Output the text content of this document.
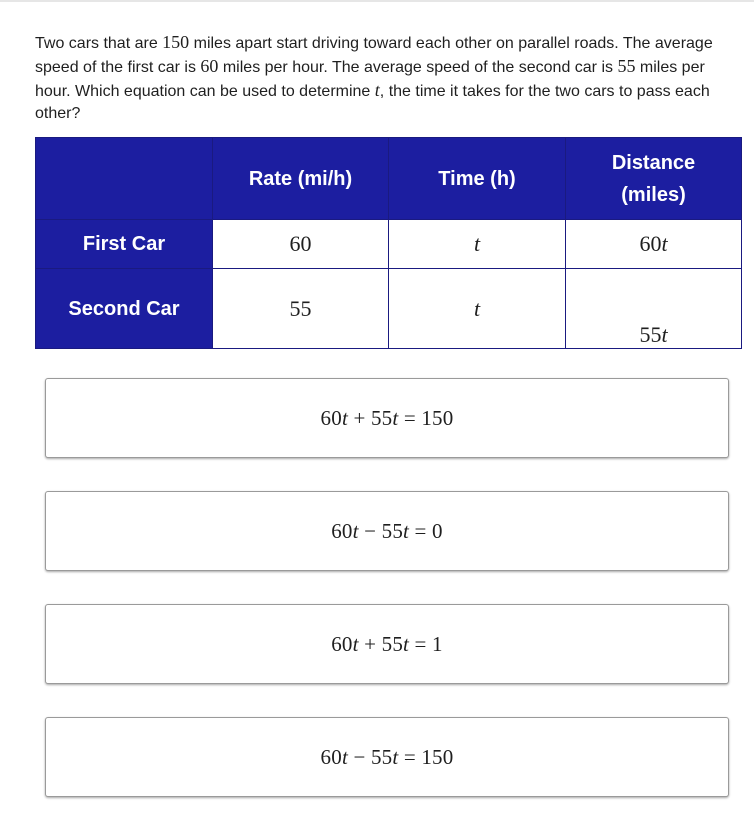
Two cars that are 150 miles apart start driving toward each other on parallel roads. The average speed of the first car is 60 miles per hour. The average speed of the second car is 55 miles per hour. Which equation can be used to determine t, the time it takes for the two cars to pass each other?

	Rate (mi/h)	Time (h)	Distance
(miles)
First Car	60	t	60t
Second Car	55	t	55t
60t + 55t = 150
60t − 55t = 0
60t + 55t = 1
60t − 55t = 150
